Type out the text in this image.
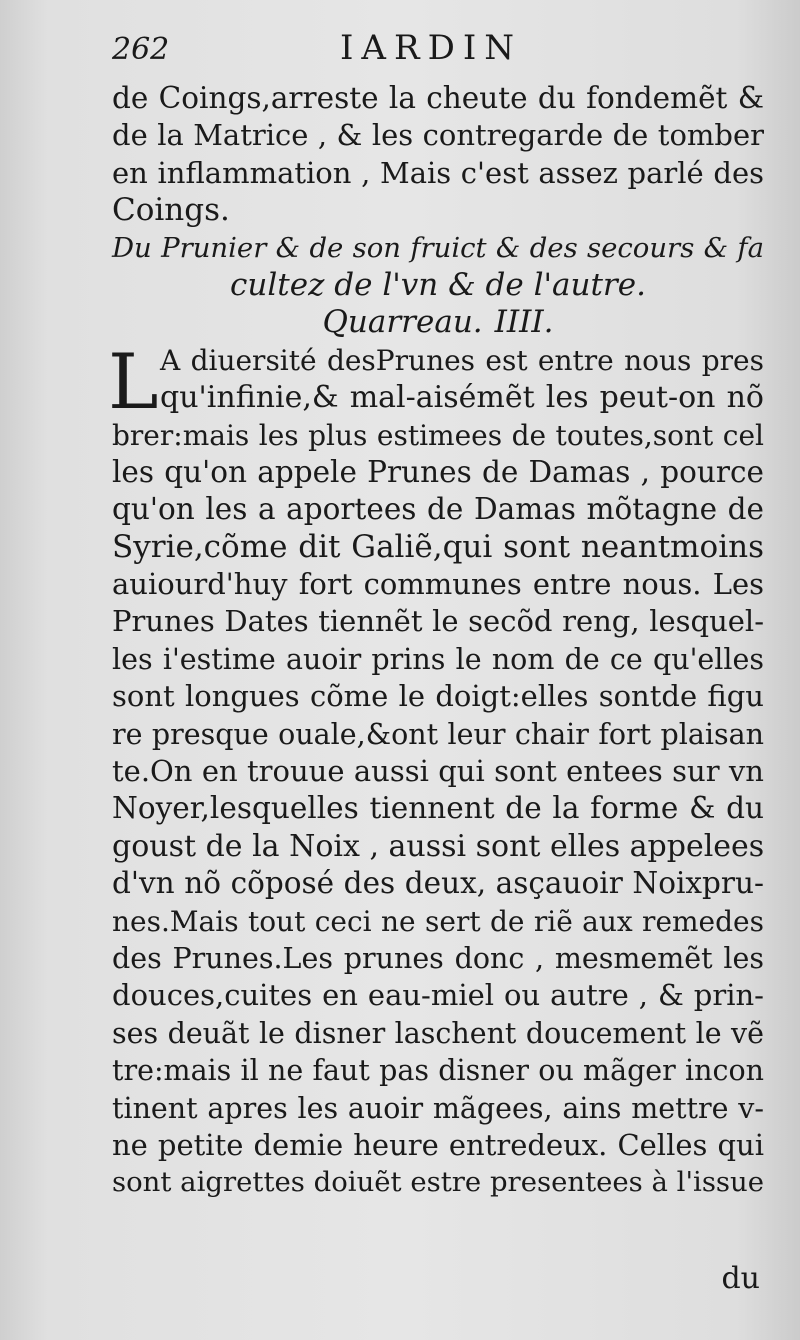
262	IARDIN
de Coings,arreste la cheute du fondemẽt &
de la Matrice , & les contregarde de tomber
en inflammation , Mais c'est assez parlé des
Coings.
Du Prunier & de son fruict & des secours & fa
cultez de l'vn & de l'autre.
Quarreau. IIII.
L A diuersité desPrunes est entre nous pres
qu'infinie,& mal-aisémẽt les peut-on nõ
brer:mais les plus estimees de toutes,sont cel
les qu'on appele Prunes de Damas , pource
qu'on les a aportees de Damas mõtagne de
Syrie,cõme dit Galiẽ,qui sont neantmoins
auiourd'huy fort communes entre nous. Les
Prunes Dates tiennẽt le secõd reng, lesquel-
les i'estime auoir prins le nom de ce qu'elles
sont longues cõme le doigt:elles sontde figu
re presque ouale,&ont leur chair fort plaisan
te.On en trouue aussi qui sont entees sur vn
Noyer,lesquelles tiennent de la forme & du
goust de la Noix , aussi sont elles appelees
d'vn nõ cõposé des deux, asçauoir Noixpru-
nes.Mais tout ceci ne sert de riẽ aux remedes
des Prunes.Les prunes donc , mesmemẽt les
douces,cuites en eau-miel ou autre , & prin-
ses deuãt le disner laschent doucement le vẽ
tre:mais il ne faut pas disner ou mãger incon
tinent apres les auoir mãgees, ains mettre v-
ne petite demie heure entredeux. Celles qui
sont aigrettes doiuẽt estre presentees à l'issue
du
